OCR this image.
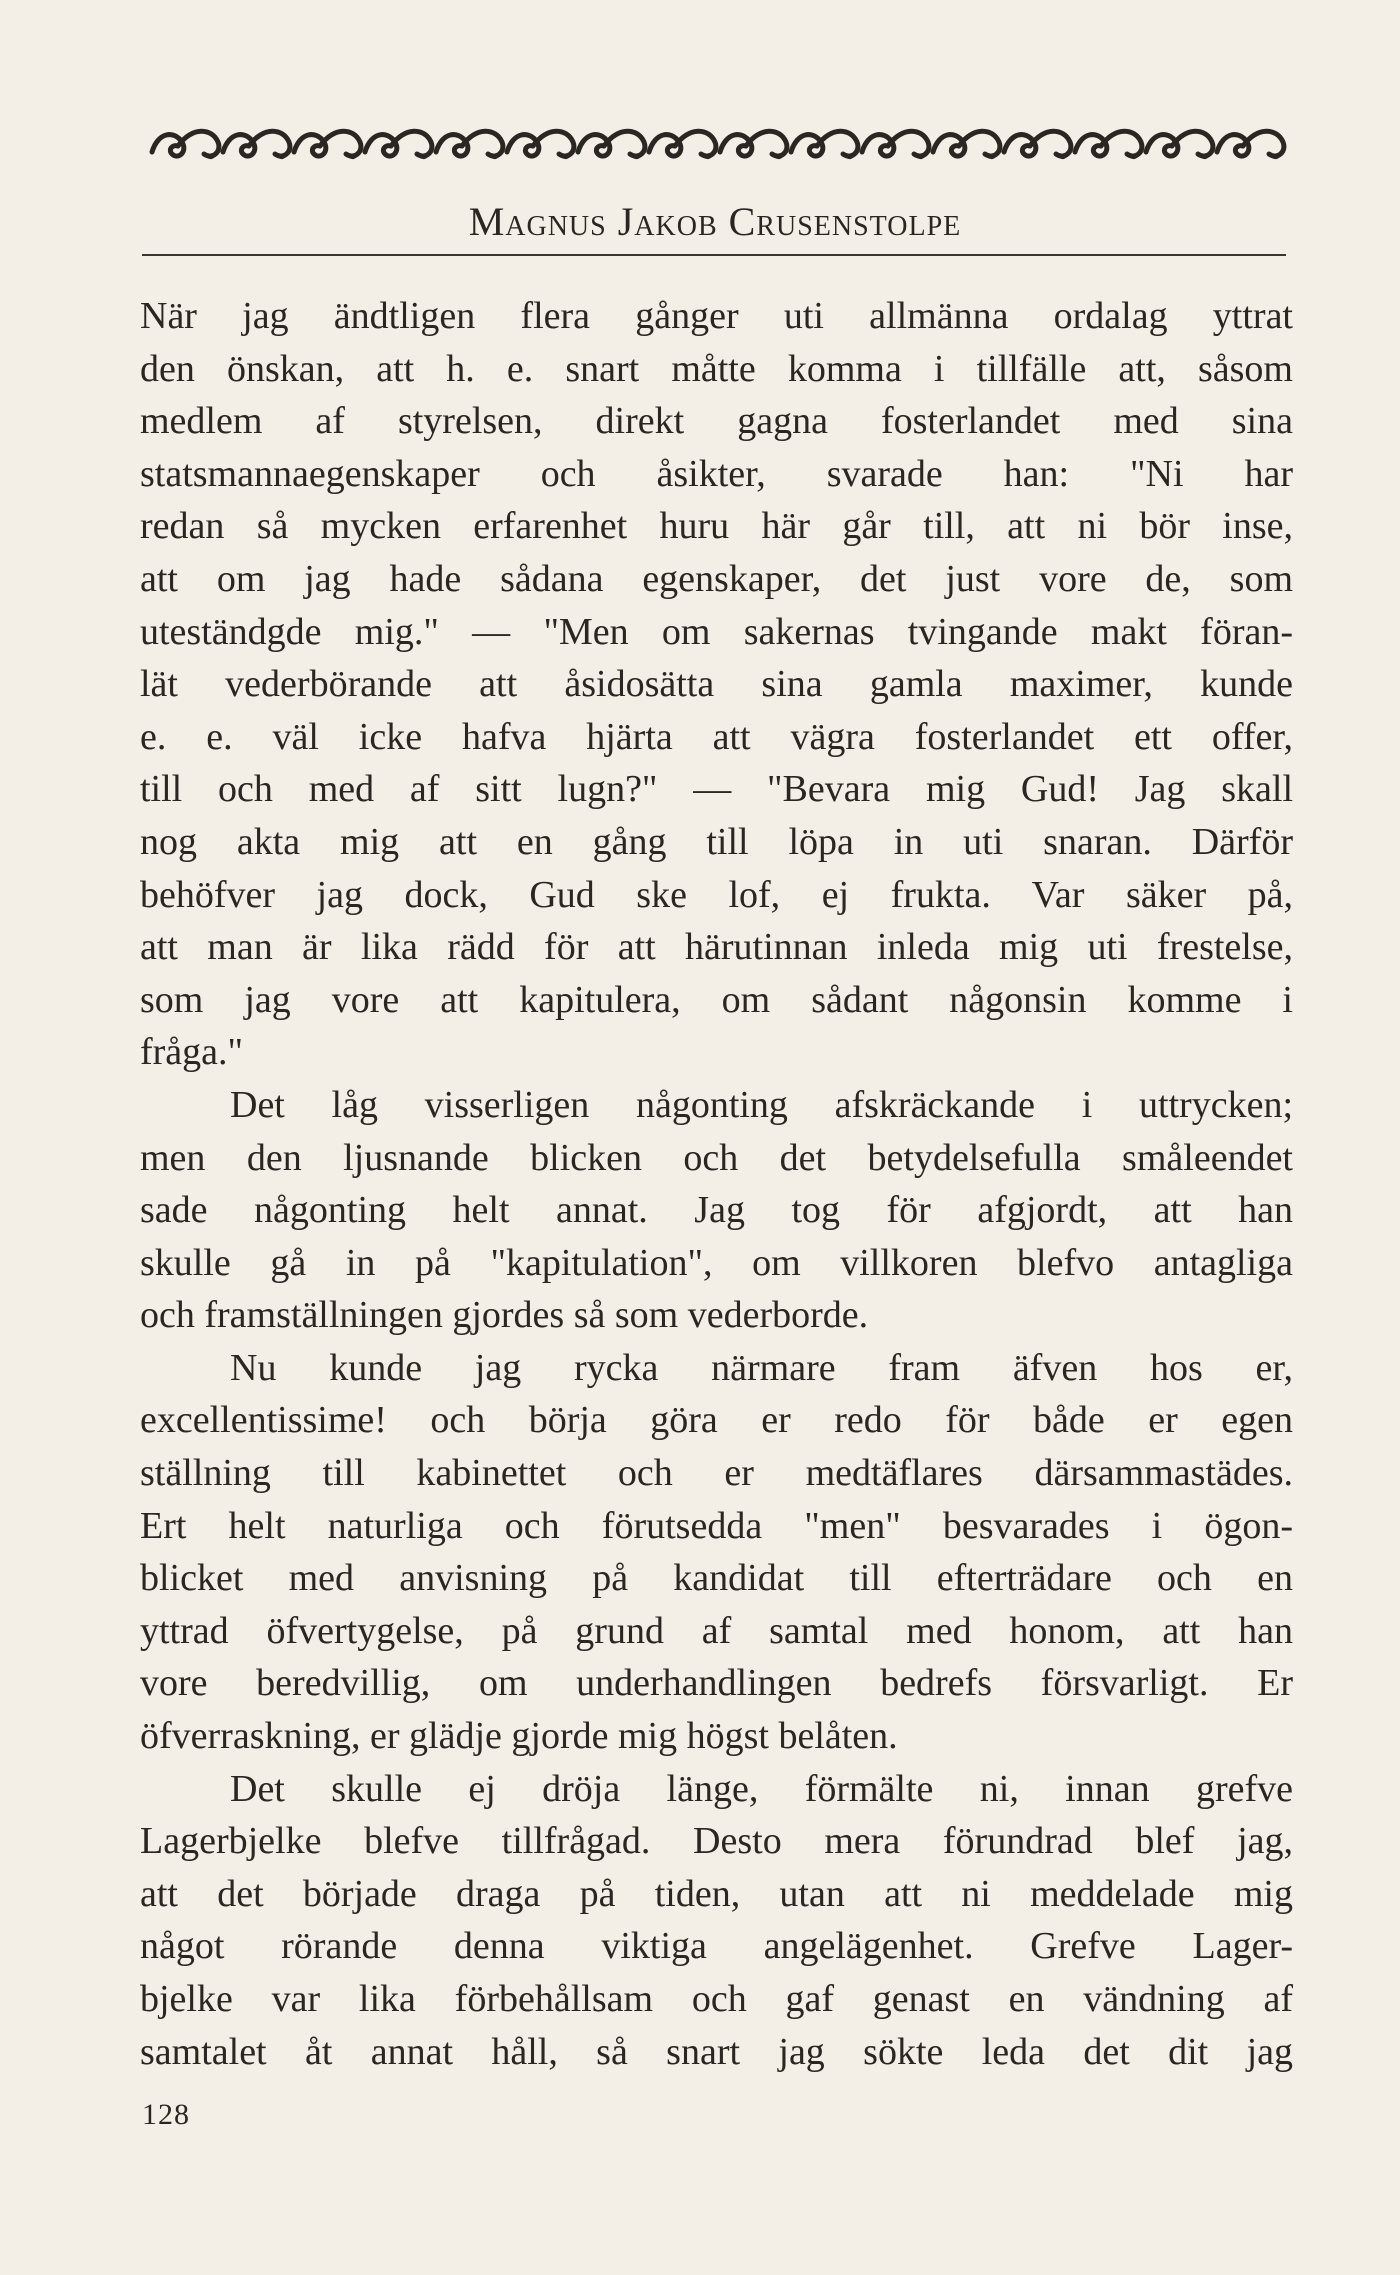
Magnus Jakob Crusenstolpe
När jag ändtligen flera gånger uti allmänna ordalag yttrat
den önskan, att h. e. snart måtte komma i tillfälle att, såsom
medlem af styrelsen, direkt gagna fosterlandet med sina
statsmannaegenskaper och åsikter, svarade han: "Ni har
redan så mycken erfarenhet huru här går till, att ni bör inse,
att om jag hade sådana egenskaper, det just vore de, som
uteständgde mig." — "Men om sakernas tvingande makt föran-
lät vederbörande att åsidosätta sina gamla maximer, kunde
e. e. väl icke hafva hjärta att vägra fosterlandet ett offer,
till och med af sitt lugn?" — "Bevara mig Gud! Jag skall
nog akta mig att en gång till löpa in uti snaran. Därför
behöfver jag dock, Gud ske lof, ej frukta. Var säker på,
att man är lika rädd för att härutinnan inleda mig uti frestelse,
som jag vore att kapitulera, om sådant någonsin komme i
fråga."
Det låg visserligen någonting afskräckande i uttrycken;
men den ljusnande blicken och det betydelsefulla småleendet
sade någonting helt annat. Jag tog för afgjordt, att han
skulle gå in på "kapitulation", om villkoren blefvo antagliga
och framställningen gjordes så som vederborde.
Nu kunde jag rycka närmare fram äfven hos er,
excellentissime! och börja göra er redo för både er egen
ställning till kabinettet och er medtäflares därsammastädes.
Ert helt naturliga och förutsedda "men" besvarades i ögon-
blicket med anvisning på kandidat till efterträdare och en
yttrad öfvertygelse, på grund af samtal med honom, att han
vore beredvillig, om underhandlingen bedrefs försvarligt. Er
öfverraskning, er glädje gjorde mig högst belåten.
Det skulle ej dröja länge, förmälte ni, innan grefve
Lagerbjelke blefve tillfrågad. Desto mera förundrad blef jag,
att det började draga på tiden, utan att ni meddelade mig
något rörande denna viktiga angelägenhet. Grefve Lager-
bjelke var lika förbehållsam och gaf genast en vändning af
samtalet åt annat håll, så snart jag sökte leda det dit jag
128
